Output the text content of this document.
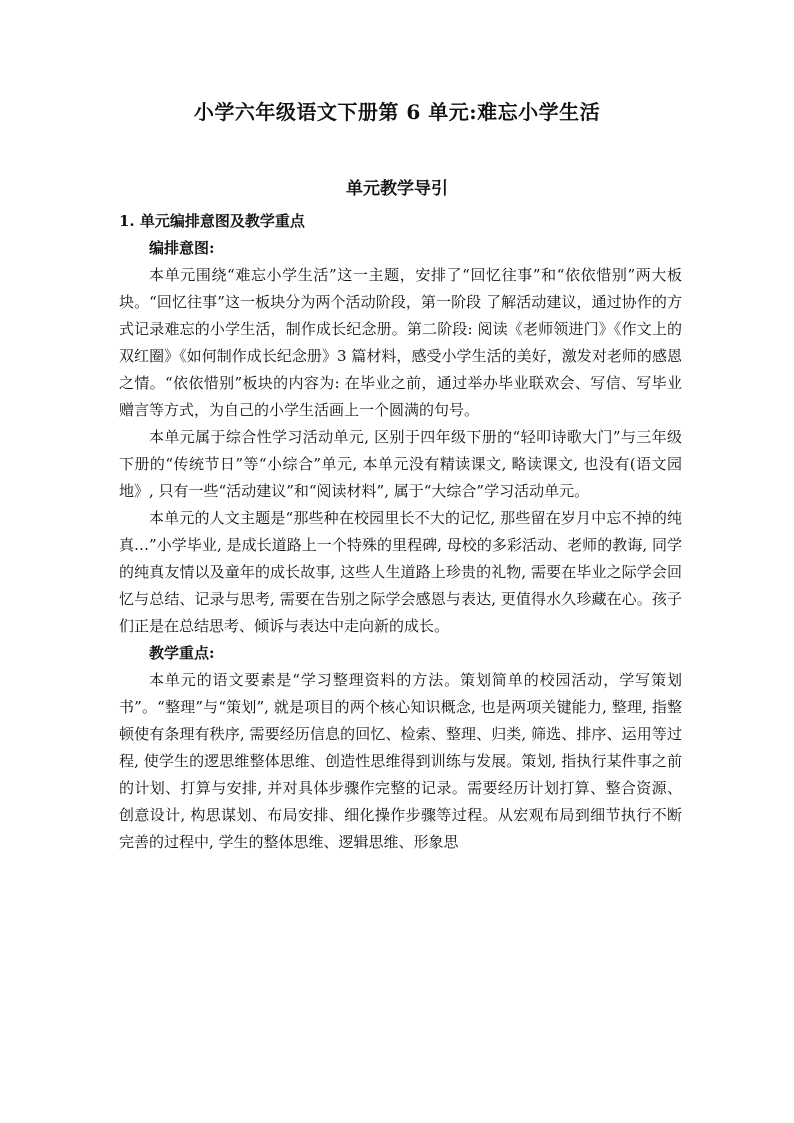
小学六年级语文下册第 6 单元:难忘小学生活
单元教学导引

1. 单元编排意图及教学重点

编排意图:

本单元围绕“难忘小学生活”这一主题，安排了“回忆往事”和“依依惜别”两大板块。“回忆往事”这一板块分为两个活动阶段，第一阶段 了解活动建议，通过协作的方式记录难忘的小学生活，制作成长纪念册。第二阶段: 阅读《老师领进门》《作文上的双红圈》《如何制作成长纪念册》3 篇材料，感受小学生活的美好，激发对老师的感恩之情。“依依惜别”板块的内容为: 在毕业之前，通过举办毕业联欢会、写信、写毕业赠言等方式，为自己的小学生活画上一个圆满的句号。

本单元属于综合性学习活动单元, 区别于四年级下册的“轻叩诗歌大门”与三年级下册的“传统节日”等“小综合”单元, 本单元没有精读课文, 略读课文, 也没有(语文园地》, 只有一些“活动建议”和“阅读材料”, 属于“大综合”学习活动单元。

本单元的人文主题是“那些种在校园里长不大的记忆, 那些留在岁月中忘不掉的纯真…”小学毕业, 是成长道路上一个特殊的里程碑, 母校的多彩活动、老师的教诲, 同学的纯真友情以及童年的成长故事, 这些人生道路上珍贵的礼物, 需要在毕业之际学会回忆与总结、记录与思考, 需要在告别之际学会感恩与表达, 更值得水久珍藏在心。孩子们正是在总结思考、倾诉与表达中走向新的成长。

教学重点:

本单元的语文要素是“学习整理资料的方法。策划简单的校园活动，学写策划书”。“整理”与“策划”, 就是项目的两个核心知识概念, 也是两项关键能力, 整理, 指整顿使有条理有秩序, 需要经历信息的回忆、检索、整理、归类, 筛选、排序、运用等过程, 使学生的逻思维整体思维、创造性思维得到训练与发展。策划, 指执行某件事之前的计划、打算与安排, 并对具体步骤作完整的记录。需要经历计划打算、整合资源、创意设计, 构思谋划、布局安排、细化操作步骤等过程。从宏观布局到细节执行不断完善的过程中, 学生的整体思维、逻辑思维、形象思
